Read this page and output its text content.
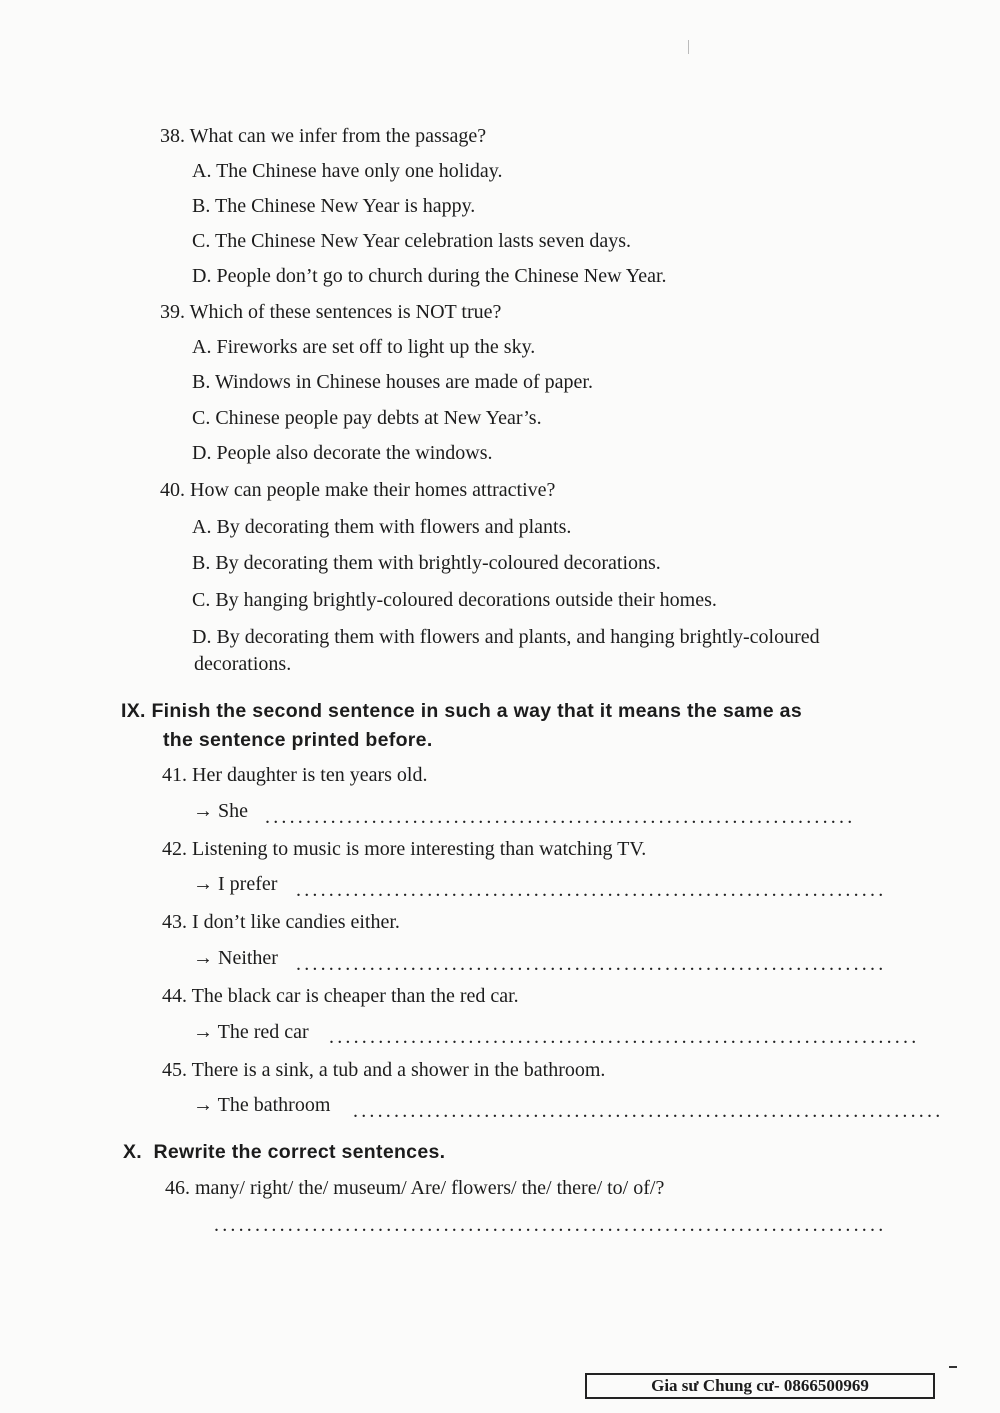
38. What can we infer from the passage?
A. The Chinese have only one holiday.
B. The Chinese New Year is happy.
C. The Chinese New Year celebration lasts seven days.
D. People don’t go to church during the Chinese New Year.
39. Which of these sentences is NOT true?
A. Fireworks are set off to light up the sky.
B. Windows in Chinese houses are made of paper.
C. Chinese people pay debts at New Year’s.
D. People also decorate the windows.
40. How can people make their homes attractive?
A. By decorating them with flowers and plants.
B. By decorating them with brightly-coloured decorations.
C. By hanging brightly-coloured decorations outside their homes.
D. By decorating them with flowers and plants, and hanging brightly-coloured
decorations.
IX. Finish the second sentence in such a way that it means the same as
the sentence printed before.
41. Her daughter is ten years old.
→ She ........................................................................
42. Listening to music is more interesting than watching TV.
→ I prefer ........................................................................
43. I don’t like candies either.
→ Neither ........................................................................
44. The black car is cheaper than the red car.
→ The red car ........................................................................
45. There is a sink, a tub and a shower in the bathroom.
→ The bathroom ........................................................................
X.  Rewrite the correct sentences.
46. many/ right/ the/ museum/ Are/ flowers/ the/ there/ to/ of/?
..................................................................................
Gia sư Chung cư- 0866500969
